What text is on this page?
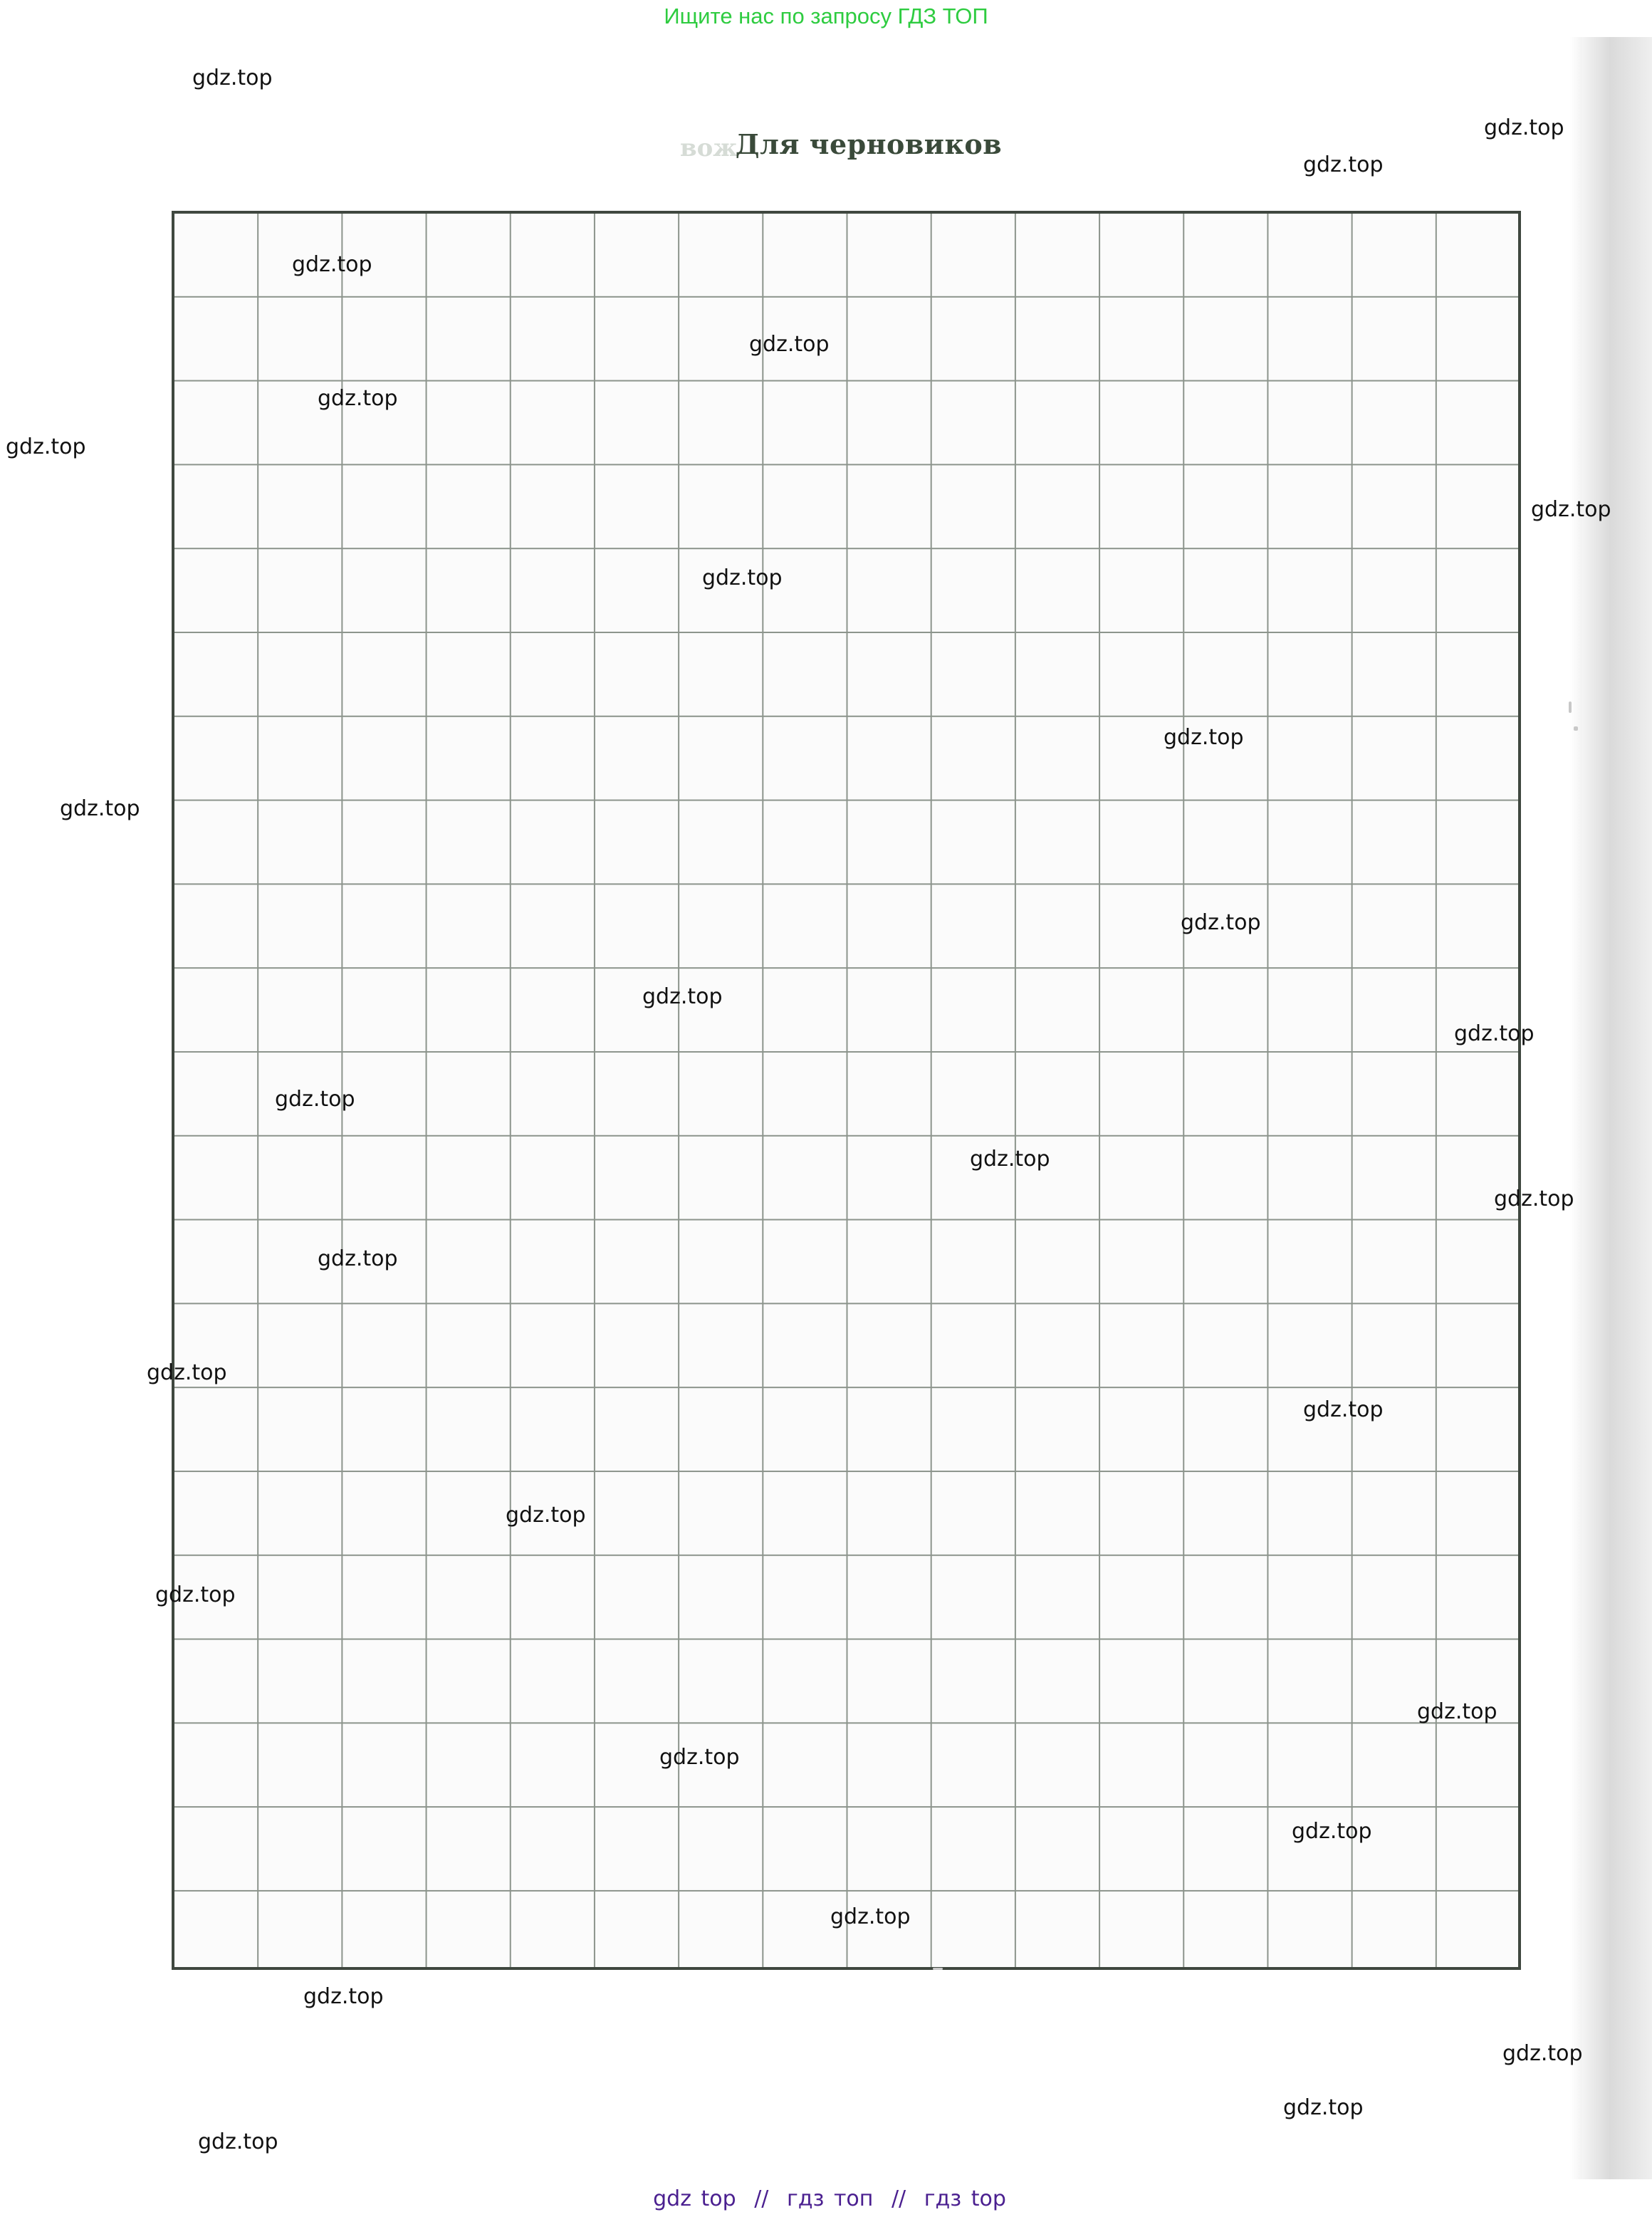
Ищите нас по запросу ГДЗ ТОП
вож
Для черновиков
gdz.top
gdz.top
gdz.top
gdz.top
gdz.top
gdz.top
gdz.top
gdz.top
gdz.top
gdz.top
gdz.top
gdz.top
gdz.top
gdz.top
gdz.top
gdz.top
gdz.top
gdz.top
gdz.top
gdz.top
gdz.top
gdz.top
gdz.top
gdz.top
gdz.top
gdz.top
gdz.top
gdz.top
gdz.top
gdz.top
gdz top // гдз топ // гдз top
